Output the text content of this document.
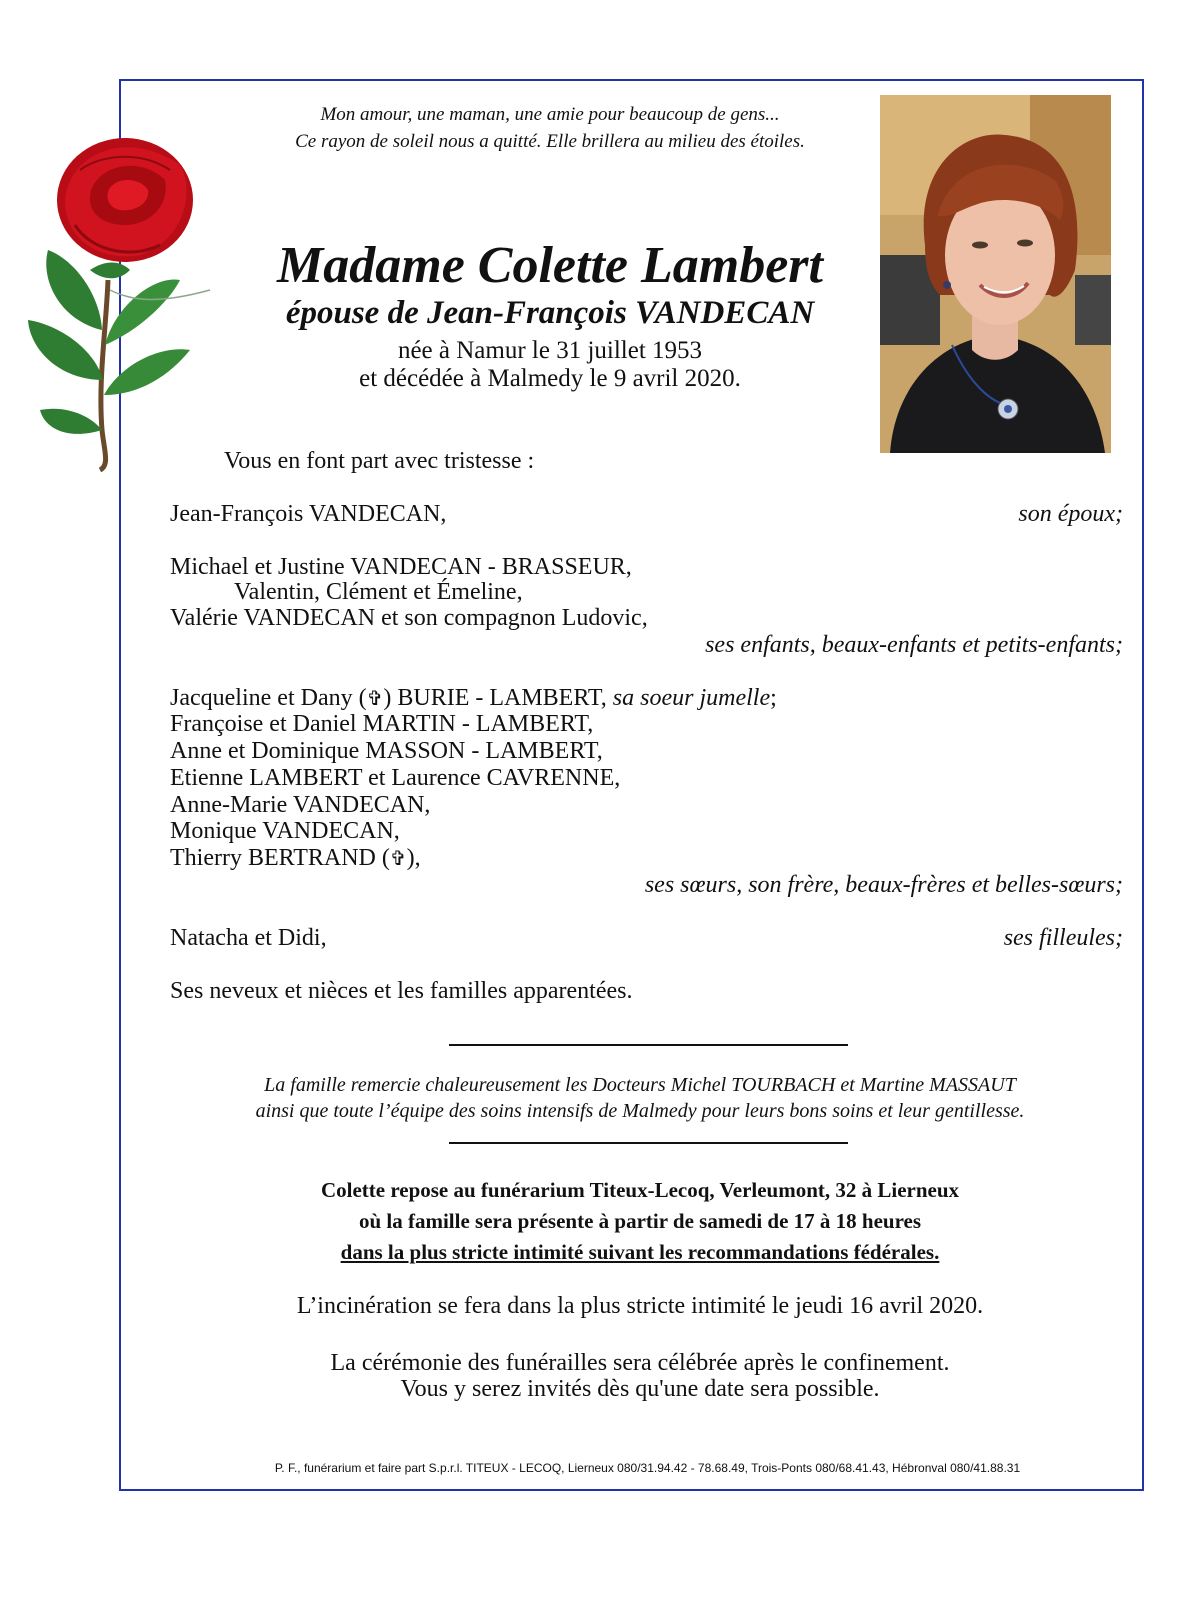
Mon amour, une maman, une amie pour beaucoup de gens...
Ce rayon de soleil nous a quitté. Elle brillera au milieu des étoiles.
Madame Colette Lambert
épouse de Jean-François VANDECAN
née à Namur le 31 juillet 1953
et décédée à Malmedy le 9 avril 2020.
Vous en font part avec tristesse :
Jean-François VANDECAN,	son époux;
Michael et Justine VANDECAN - BRASSEUR,
Valentin, Clément et Émeline,
Valérie VANDECAN et son compagnon Ludovic,
ses enfants, beaux-enfants et petits-enfants;
Jacqueline et Dany (✞) BURIE - LAMBERT, sa soeur jumelle;
Françoise et Daniel MARTIN - LAMBERT,
Anne et Dominique MASSON - LAMBERT,
Etienne LAMBERT et Laurence CAVRENNE,
Anne-Marie VANDECAN,
Monique VANDECAN,
Thierry BERTRAND (✞),
ses sœurs, son frère, beaux-frères et belles-sœurs;
Natacha et Didi,	ses filleules;
Ses neveux et nièces et les familles apparentées.
La famille remercie chaleureusement les Docteurs Michel TOURBACH et Martine MASSAUT
ainsi que toute l’équipe des soins intensifs de Malmedy pour leurs bons soins et leur gentillesse.
Colette repose au funérarium Titeux-Lecoq, Verleumont, 32 à Lierneux
où la famille sera présente à partir de samedi de 17 à 18 heures
dans la plus stricte intimité suivant les recommandations fédérales.
L’incinération se fera dans la plus stricte intimité le jeudi 16 avril 2020.
La cérémonie des funérailles sera célébrée après le confinement.
Vous y serez invités dès qu'une date sera possible.
P. F., funérarium et faire part S.p.r.l. TITEUX - LECOQ, Lierneux 080/31.94.42 - 78.68.49, Trois-Ponts 080/68.41.43, Hébronval 080/41.88.31
